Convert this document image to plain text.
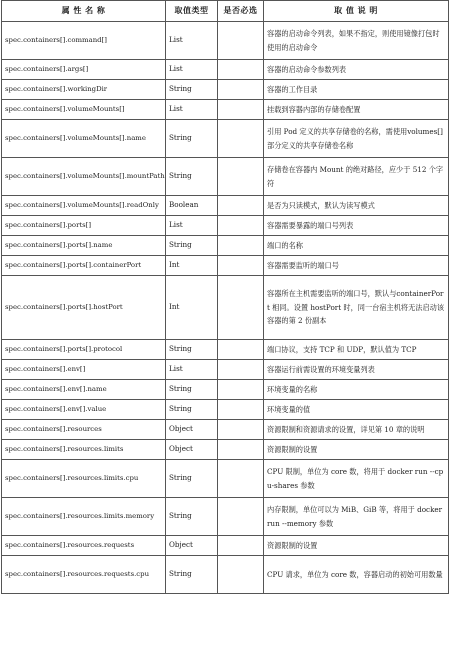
属 性 名 称	取值类型	是否必选	取 值 说 明
spec.containers[].command[]	List		容器的启动命令列表，如果不指定，则使用镜像打包时使用的启动命令
spec.containers[].args[]	List		容器的启动命令参数列表
spec.containers[].workingDir	String		容器的工作目录
spec.containers[].volumeMounts[]	List		挂载到容器内部的存储卷配置
spec.containers[].volumeMounts[].name	String		引用 Pod 定义的共享存储卷的名称，需使用volumes[]部分定义的共享存储卷名称
spec.containers[].volumeMounts[].mountPath	String		存储卷在容器内 Mount 的绝对路径，应少于 512 个字符
spec.containers[].volumeMounts[].readOnly	Boolean		是否为只读模式，默认为读写模式
spec.containers[].ports[]	List		容器需要暴露的端口号列表
spec.containers[].ports[].name	String		端口的名称
spec.containers[].ports[].containerPort	Int		容器需要监听的端口号
spec.containers[].ports[].hostPort	Int		容器所在主机需要监听的端口号，默认与containerPort 相同。设置 hostPort 时，同一台宿主机将无法启动该容器的第 2 份副本
spec.containers[].ports[].protocol	String		端口协议，支持 TCP 和 UDP，默认值为 TCP
spec.containers[].env[]	List		容器运行前需设置的环境变量列表
spec.containers[].env[].name	String		环境变量的名称
spec.containers[].env[].value	String		环境变量的值
spec.containers[].resources	Object		资源限制和资源请求的设置，详见第 10 章的说明
spec.containers[].resources.limits	Object		资源限制的设置
spec.containers[].resources.limits.cpu	String		CPU 限制，单位为 core 数，将用于 docker run --cpu-shares 参数
spec.containers[].resources.limits.memory	String		内存限制，单位可以为 MiB、GiB 等，将用于 docker run --memory 参数
spec.containers[].resources.requests	Object		资源限制的设置
spec.containers[].resources.requests.cpu	String		CPU 请求，单位为 core 数，容器启动的初始可用数量
